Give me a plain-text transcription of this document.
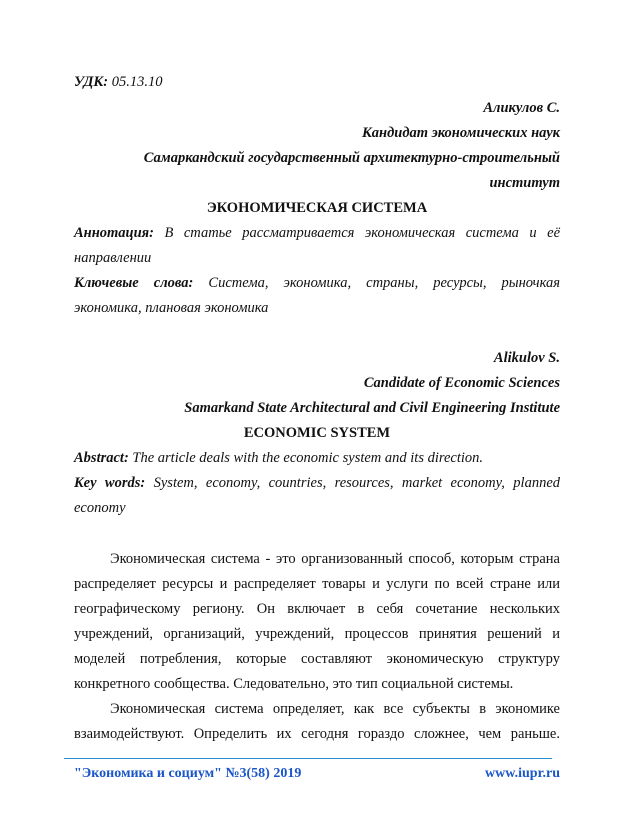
УДК: 05.13.10
Аликулов С.
Кандидат экономических наук
Самаркандский государственный архитектурно-строительный
институт
ЭКОНОМИЧЕСКАЯ СИСТЕМА
Аннотация: В статье рассматривается экономическая система и её
направлении
Ключевые слова: Система, экономика, страны, ресурсы, рыночкая
экономика, плановая экономика
Alikulov S.
Candidate of Economic Sciences
Samarkand State Architectural and Civil Engineering Institute
ECONOMIC SYSTEM
Abstract: The article deals with the economic system and its direction.
Key words: System, economy, countries, resources, market economy, planned
economy
Экономическая система - это организованный способ, которым страна
распределяет ресурсы и распределяет товары и услуги по всей стране или
географическому региону. Он включает в себя сочетание нескольких
учреждений, организаций, учреждений, процессов принятия решений и
моделей потребления, которые составляют экономическую структуру
конкретного сообщества. Следовательно, это тип социальной системы.
Экономическая система определяет, как все субъекты в экономике
взаимодействуют. Определить их сегодня гораздо сложнее, чем раньше.
"Экономика и социум" №3(58) 2019	www.iupr.ru
